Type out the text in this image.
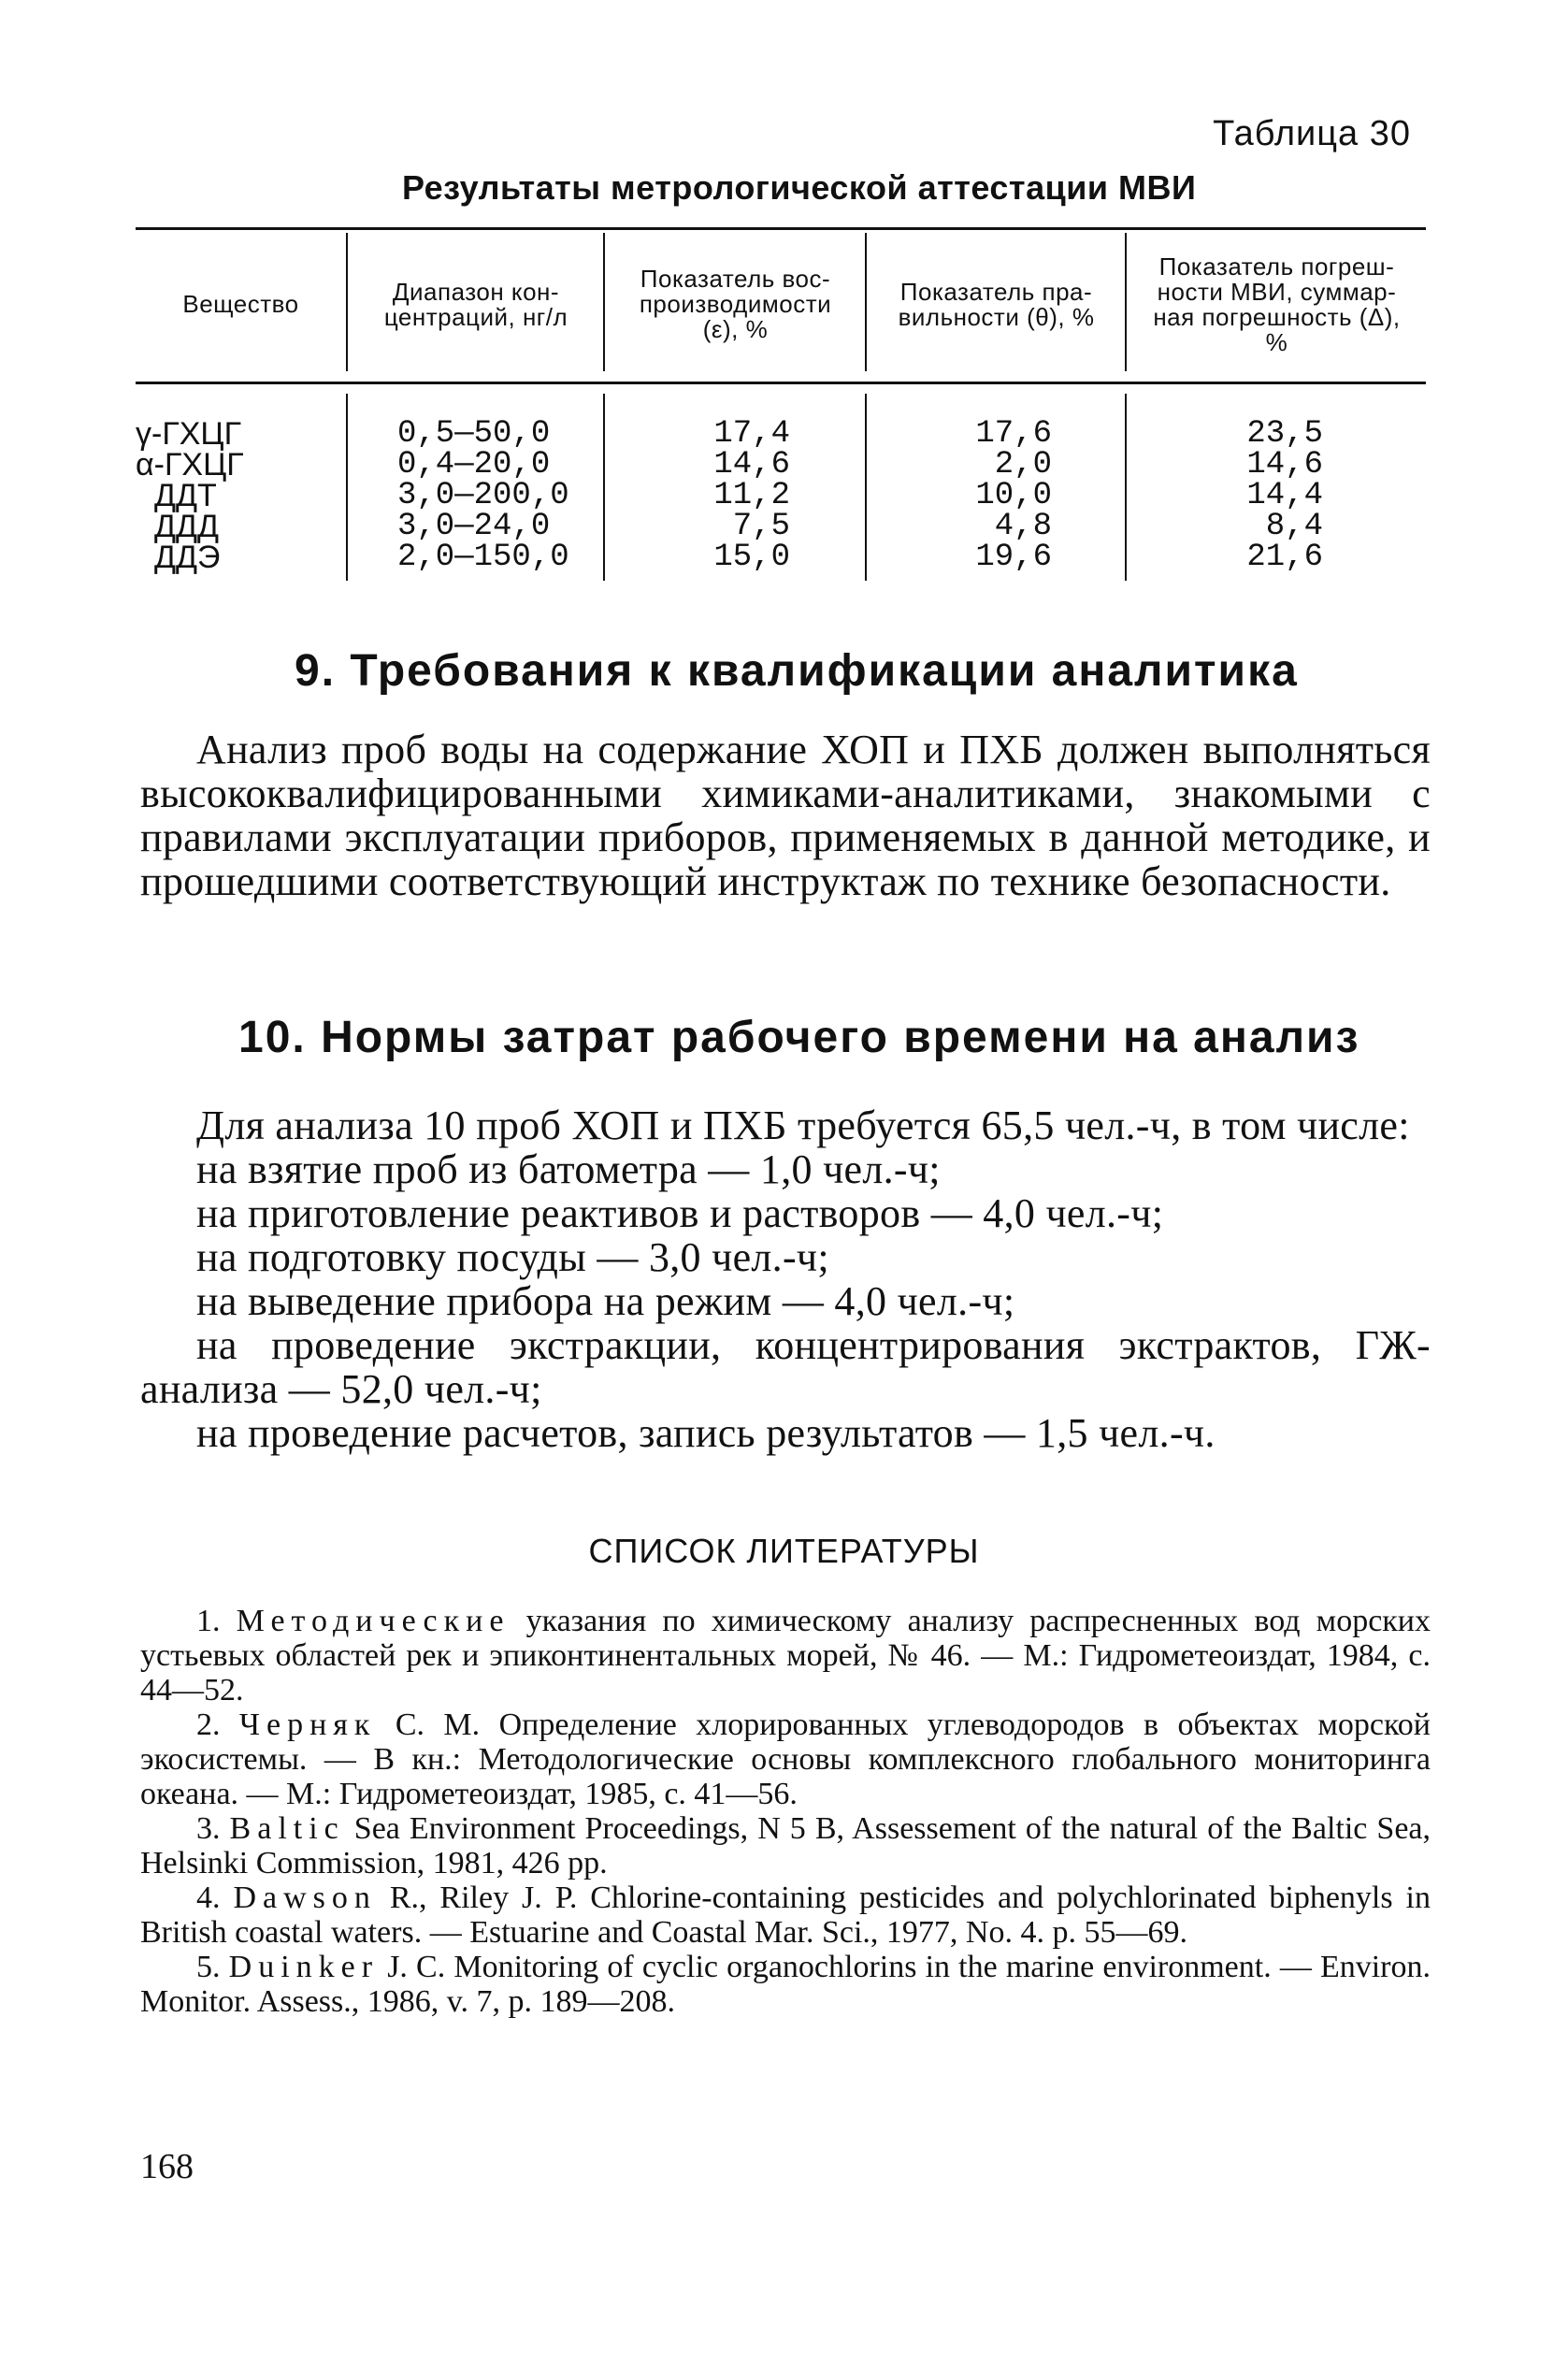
Таблица 30
Результаты метрологической аттестации МВИ
Вещество	Диапазон кон-
центраций, нг/л
Показатель вос-
производимости
(ε), %
Показатель пра-
вильности (θ), %
Показатель погреш-
ности МВИ, суммар-
ная погрешность (Δ),
%
γ-ГХЦГ
α-ГХЦГ
ДДТ
ДДД
ДДЭ
0,5—50,0
0,4—20,0
3,0—200,0
3,0—24,0
2,0—150,0
17,4
14,6
11,2
7,5
15,0
17,6
2,0
10,0
4,8
19,6
23,5
14,6
14,4
8,4
21,6
9. Требования к квалификации аналитика

Анализ проб воды на содержание ХОП и ПХБ должен выполняться высококвалифицированными химиками-аналитиками, знакомыми с правилами эксплуатации приборов, применяемых в данной методике, и прошедшими соответствующий инструктаж по технике безопасности.

10. Нормы затрат рабочего времени на анализ

Для анализа 10 проб ХОП и ПХБ требуется 65,5 чел.-ч, в том числе:

на взятие проб из батометра — 1,0 чел.-ч;
на приготовление реактивов и растворов — 4,0 чел.-ч;
на подготовку посуды — 3,0 чел.-ч;
на выведение прибора на режим — 4,0 чел.-ч;

на проведение экстракции, концентрирования экстрактов, ГЖ-анализа — 52,0 чел.-ч;

на проведение расчетов, запись результатов — 1,5 чел.-ч.
СПИСОК ЛИТЕРАТУРЫ

1. Методические указания по химическому анализу распресненных вод морских устьевых областей рек и эпиконтинентальных морей, № 46. — М.: Гидрометеоиздат, 1984, с. 44—52.

2. Черняк С. М. Определение хлорированных углеводородов в объектах морской экосистемы. — В кн.: Методологические основы комплексного глобального мониторинга океана. — М.: Гидрометеоиздат, 1985, с. 41—56.

3. Baltic Sea Environment Proceedings, N 5 B, Assessement of the natural of the Baltic Sea, Helsinki Commission, 1981, 426 pp.

4. Dawson R., Riley J. P. Chlorine-containing pesticides and polychlorinated biphenyls in British coastal waters. — Estuarine and Coastal Mar. Sci., 1977, No. 4. p. 55—69.

5. Duinker J. C. Monitoring of cyclic organochlorins in the marine environment. — Environ. Monitor. Assess., 1986, v. 7, p. 189—208.

168
